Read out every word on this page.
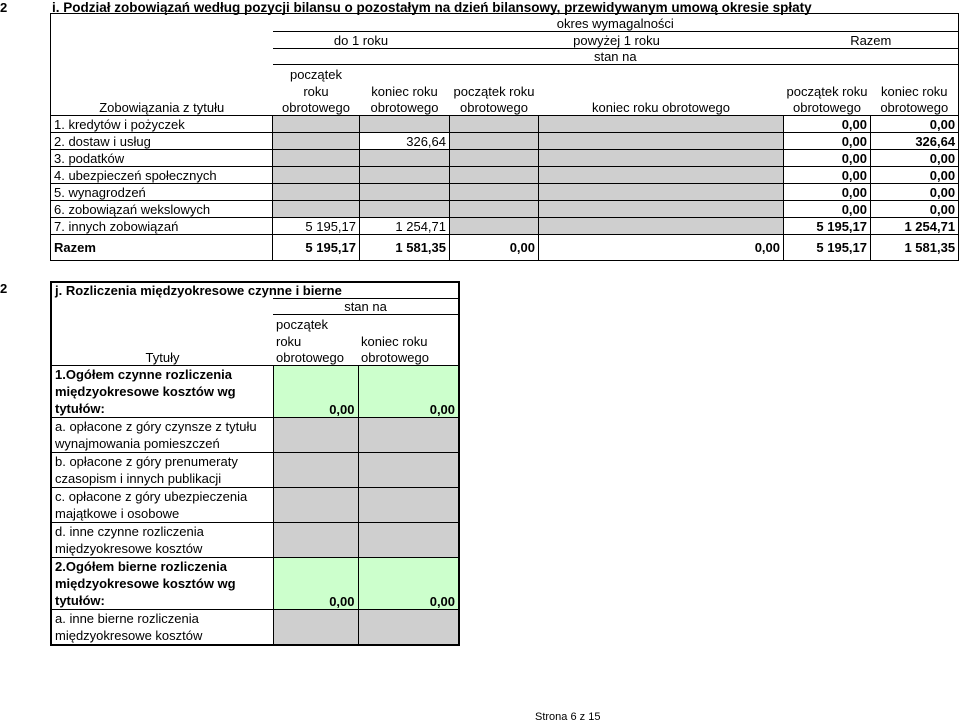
2	i. Podział zobowiązań według pozycji bilansu o pozostałym na dzień bilansowy, przewidywanym umową okresie spłaty
	okres wymagalności					
	do 1 roku		powyżej 1 roku		Razem	
	stan na					
	początek					
	roku	koniec roku	początek roku		początek roku	koniec roku
Zobowiązania z tytułu	obrotowego	obrotowego	obrotowego	koniec roku obrotowego	obrotowego	obrotowego
1. kredytów i pożyczek					0,00	0,00
2. dostaw i usług		326,64			0,00	326,64
3. podatków					0,00	0,00
4. ubezpieczeń społecznych					0,00	0,00
5. wynagrodzeń					0,00	0,00
6. zobowiązań wekslowych					0,00	0,00
7. innych zobowiązań	5 195,17	1 254,71			5 195,17	1 254,71
Razem	5 195,17	1 581,35	0,00	0,00	5 195,17	1 581,35
2	j. Rozliczenia międzyokresowe czynne i bierne		
	stan na	
	początek	
	roku	koniec roku
Tytuły	obrotowego	obrotowego
1.Ogółem czynne rozliczenia międzyokresowe kosztów wg tytułów:	0,00	0,00
a. opłacone z góry czynsze z tytułu wynajmowania pomieszczeń		
b. opłacone z góry prenumeraty czasopism i innych publikacji		
c. opłacone z góry ubezpieczenia majątkowe i osobowe		
d. inne czynne rozliczenia międzyokresowe kosztów		
2.Ogółem bierne rozliczenia międzyokresowe kosztów wg tytułów:	0,00	0,00
a. inne bierne rozliczenia międzyokresowe kosztów		
Strona 6 z 15
